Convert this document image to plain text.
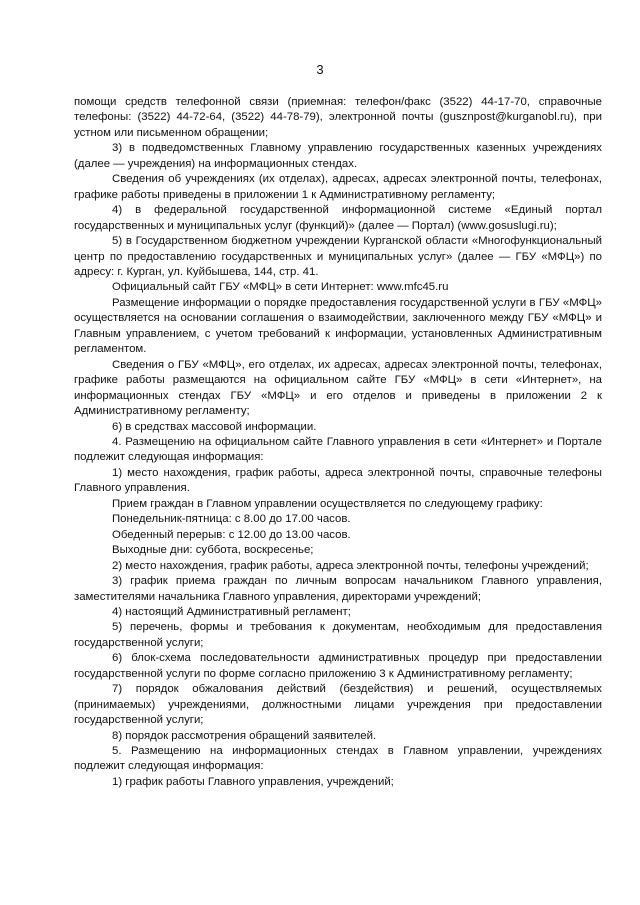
3

помощи средств телефонной связи (приемная: телефон/факс (3522) 44-17-70, справочные телефоны: (3522) 44-72-64, (3522) 44-78-79), электронной почты (gusznpost@kurganobl.ru), при устном или письменном обращении;

3) в подведомственных Главному управлению государственных казенных учреждениях (далее — учреждения) на информационных стендах.

Сведения об учреждениях (их отделах), адресах, адресах электронной почты, телефонах, графике работы приведены в приложении 1 к Административному регламенту;

4) в федеральной государственной информационной системе «Единый портал государственных и муниципальных услуг (функций)» (далее — Портал) (www.gosuslugi.ru);

5) в Государственном бюджетном учреждении Курганской области «Многофункциональный центр по предоставлению государственных и муниципальных услуг» (далее — ГБУ «МФЦ») по адресу: г. Курган, ул. Куйбышева, 144, стр. 41.

Официальный сайт ГБУ «МФЦ» в сети Интернет: www.mfc45.ru

Размещение информации о порядке предоставления государственной услуги в ГБУ «МФЦ» осуществляется на основании соглашения о взаимодействии, заключенного между ГБУ «МФЦ» и Главным управлением, с учетом требований к информации, установленных Административным регламентом.

Сведения о ГБУ «МФЦ», его отделах, их адресах, адресах электронной почты, телефонах, графике работы размещаются на официальном сайте ГБУ «МФЦ» в сети «Интернет», на информационных стендах ГБУ «МФЦ» и его отделов и приведены в приложении 2 к Административному регламенту;

6) в средствах массовой информации.

4. Размещению на официальном сайте Главного управления в сети «Интернет» и Портале подлежит следующая информация:

1) место нахождения, график работы, адреса электронной почты, справочные телефоны Главного управления.

Прием граждан в Главном управлении осуществляется по следующему графику:

Понедельник-пятница: с 8.00 до 17.00 часов.

Обеденный перерыв: с 12.00 до 13.00 часов.

Выходные дни: суббота, воскресенье;

2) место нахождения, график работы, адреса электронной почты, телефоны учреждений;

3) график приема граждан по личным вопросам начальником Главного управления, заместителями начальника Главного управления, директорами учреждений;

4) настоящий Административный регламент;

5) перечень, формы и требования к документам, необходимым для предоставления государственной услуги;

6) блок-схема последовательности административных процедур при предоставлении государственной услуги по форме согласно приложению 3 к Административному регламенту;

7) порядок обжалования действий (бездействия) и решений, осуществляемых (принимаемых) учреждениями, должностными лицами учреждения при предоставлении государственной услуги;

8) порядок рассмотрения обращений заявителей.

5. Размещению на информационных стендах в Главном управлении, учреждениях подлежит следующая информация:

1) график работы Главного управления, учреждений;
